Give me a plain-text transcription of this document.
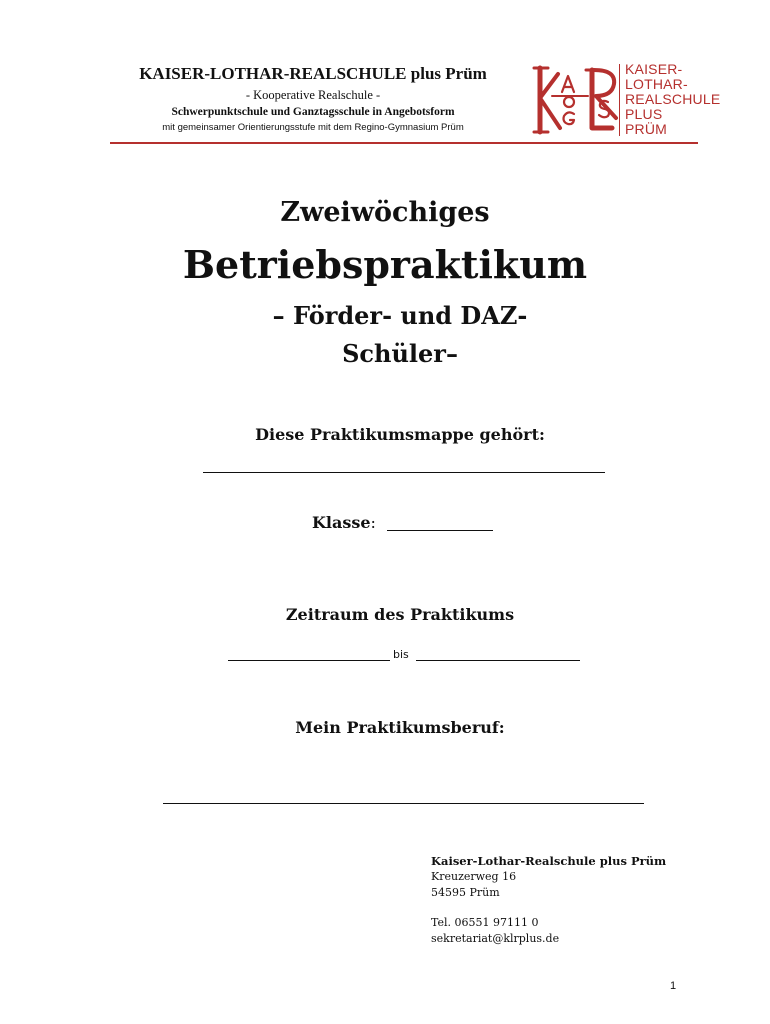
KAISER-LOTHAR-REALSCHULE plus Prüm
- Kooperative Realschule -
Schwerpunktschule und Ganztagsschule in Angebotsform
mit gemeinsamer Orientierungsstufe mit dem Regino-Gymnasium Prüm
KAISER-
LOTHAR-
REALSCHULE
PLUS
PRÜM
Zweiwöchiges
Betriebspraktikum
– Förder- und DAZ-
Schüler–
Diese Praktikumsmappe gehört:
Klasse:
Zeitraum des Praktikums
bis
Mein Praktikumsberuf:
Kaiser-Lothar-Realschule plus Prüm
Kreuzerweg 16
54595 Prüm
Tel. 06551 97111 0
sekretariat@klrplus.de
1
